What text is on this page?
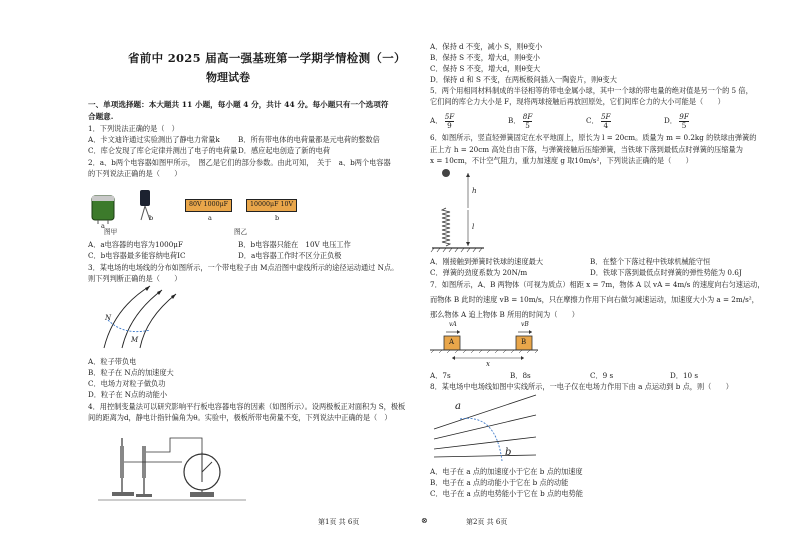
省前中 2025 届高一强基班第一学期学情检测（一）
物理试卷
一、单项选择题：本大题共 11 小题，每小题 4 分，共计 44 分。每小题只有一个选项符
合题意.
1．下列说法正确的是（　）
A．卡文迪许通过实验测出了静电力常量k	B．所有带电体的电荷量都是元电荷的整数倍
C．库仑发现了库仑定律并测出了电子的电荷量 D．感应起电创造了新的电荷
2．a、b两个电容器如图甲所示，　图乙是它们的部分参数。由此可知，　关于　a、b两个电容器
的下列说法正确的是（　　）
a
b
80V 1000μF	10000μF 10V
a	b
图甲	图乙
A．a电容器的电容为1000μF	B．b电容器只能在　10V 电压工作
C．b电容器最多能容纳电荷IC	D．a电容器工作时不区分正负极
3．某电场的电场线的分布如图所示，一个带电粒子由 M点沿图中虚线所示的途径运动通过 N点。
则下列判断正确的是（　　）
N
M
A．粒子带负电
B．粒子在 N点的加速度大
C．电场力对粒子做负功
D．粒子在 N点的动能小
4．用控制变量法可以研究影响平行板电容器电容的因素（如图所示）。设两极板正对面积为 S，极板
间的距离为d，静电计指针偏角为θ。实验中，极板所带电荷量不变，下列说法中正确的是（　）
A．保持 d 不变，减小 S，则θ变小
B．保持 S 不变，增大d，则θ变小
C．保持 S 不变，增大d，则θ变大
D．保持 d 和 S 不变，在两板极间插入一陶瓷片，则θ变大
5．两个用相同材料制成的半径相等的带电金属小球，其中一个球的带电量的绝对值是另一个的 5 倍，
它们间的库仑力大小是 F，现将两球接触后再放回原处，它们间库仑力的大小可能是（　　）
A． $\frac{5F}{9}$	B． $\frac{8F}{5}$	C． $\frac{5F}{4}$	D． $\frac{9F}{5}$
6．如图所示，竖直轻弹簧固定在水平地面上，原长为 l = 20cm。质量为 m = 0.2kg 的铁球由弹簧的
正上方 h = 20cm 高处自由下落，与弹簧接触后压缩弹簧，当铁球下落到最低点时弹簧的压缩量为
x = 10cm，不计空气阻力，重力加速度 g 取10m/s²，下列说法正确的是（　　）
h
l
A．刚接触到弹簧时铁球的速度最大	B．在整个下落过程中铁球机械能守恒
C．弹簧的劲度系数为 20N/m	D．铁球下落到最低点时弹簧的弹性势能为 0.6J
7．如图所示，A、B 两物体（可视为质点）相距 x = 7m，物体 A 以 vA = 4m/s 的速度向右匀速运动，
而物体 B 此时的速度 vB = 10m/s，只在摩擦力作用下向右做匀减速运动，加速度大小为 a = 2m/s²，
那么物体 A 追上物体 B 所用的时间为（　　）
vA	vB
A	B
x
A．7s	B．8s	C．9 s	D．10 s
8．某电场中电场线如图中实线所示，一电子仅在电场力作用下由 a 点运动到 b 点，则（　　）
a
b
A．电子在 a 点的加速度小于它在 b 点的加速度
B．电子在 a 点的动能小于它在 b 点的动能
C．电子在 a 点的电势能小于它在 b 点的电势能
第1页 共 6页	⊗	第2页 共 6页
